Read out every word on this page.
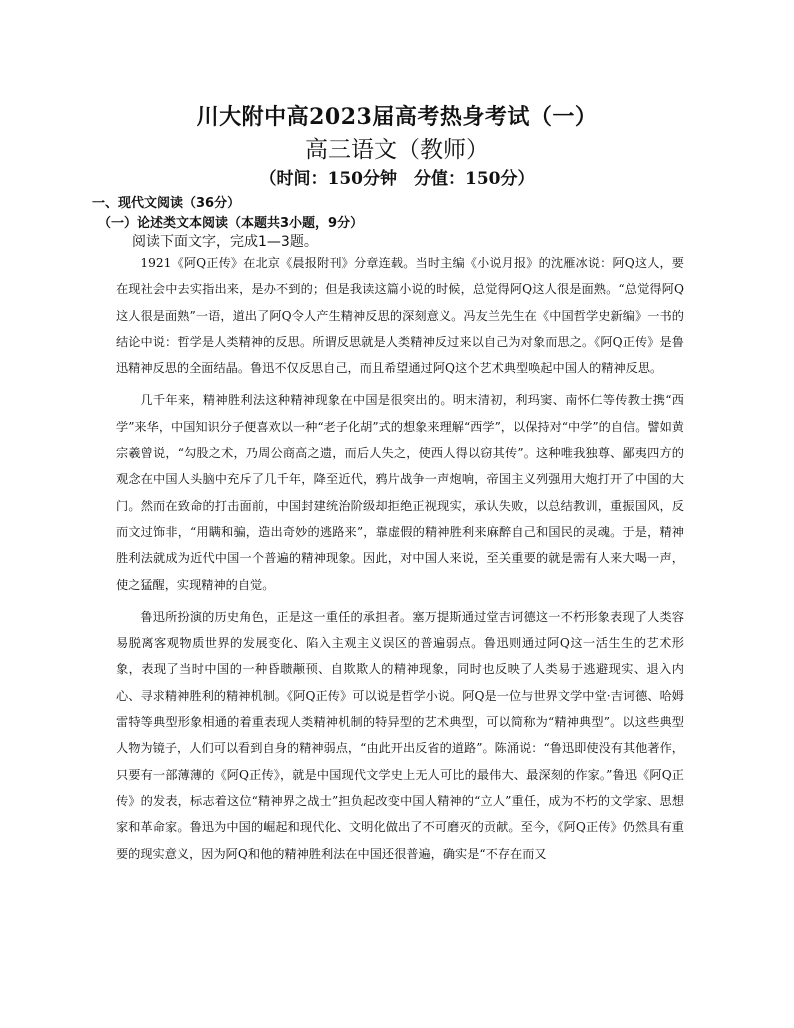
川大附中高2023届高考热身考试（一）
高三语文（教师）
（时间：150分钟　分值：150分）
一、现代文阅读（36分）
（一）论述类文本阅读（本题共3小题，9分）
阅读下面文字，完成1—3题。

1921《阿Q正传》在北京《晨报附刊》分章连载。当时主编《小说月报》的沈雁冰说：阿Q这人，要在现社会中去实指出来，是办不到的；但是我读这篇小说的时候，总觉得阿Q这人很是面熟。“总觉得阿Q这人很是面熟”一语，道出了阿Q令人产生精神反思的深刻意义。冯友兰先生在《中国哲学史新编》一书的结论中说：哲学是人类精神的反思。所谓反思就是人类精神反过来以自己为对象而思之。《阿Q正传》是鲁迅精神反思的全面结晶。鲁迅不仅反思自己，而且希望通过阿Q这个艺术典型唤起中国人的精神反思。

几千年来，精神胜利法这种精神现象在中国是很突出的。明末清初，利玛窦、南怀仁等传教士携“西学”来华，中国知识分子便喜欢以一种“老子化胡”式的想象来理解“西学”，以保持对“中学”的自信。譬如黄宗羲曾说，“勾股之术，乃周公商高之遗，而后人失之，使西人得以窃其传”。这种唯我独尊、鄙夷四方的观念在中国人头脑中充斥了几千年，降至近代，鸦片战争一声炮响，帝国主义列强用大炮打开了中国的大门。然而在致命的打击面前，中国封建统治阶级却拒绝正视现实，承认失败，以总结教训，重振国风，反而文过饰非，“用瞒和骗，造出奇妙的逃路来”，靠虚假的精神胜利来麻醉自己和国民的灵魂。于是，精神胜利法就成为近代中国一个普遍的精神现象。因此，对中国人来说，至关重要的就是需有人来大喝一声，使之猛醒，实现精神的自觉。

鲁迅所扮演的历史角色，正是这一重任的承担者。塞万提斯通过堂吉诃德这一不朽形象表现了人类容易脱离客观物质世界的发展变化、陷入主观主义误区的普遍弱点。鲁迅则通过阿Q这一活生生的艺术形象，表现了当时中国的一种昏聩颟顸、自欺欺人的精神现象，同时也反映了人类易于逃避现实、退入内心、寻求精神胜利的精神机制。《阿Q正传》可以说是哲学小说。阿Q是一位与世界文学中堂·吉诃德、哈姆雷特等典型形象相通的着重表现人类精神机制的特异型的艺术典型，可以简称为“精神典型”。以这些典型人物为镜子，人们可以看到自身的精神弱点，“由此开出反省的道路”。陈涌说：“鲁迅即使没有其他著作，只要有一部薄薄的《阿Q正传》，就是中国现代文学史上无人可比的最伟大、最深刻的作家。”鲁迅《阿Q正传》的发表，标志着这位“精神界之战士”担负起改变中国人精神的“立人”重任，成为不朽的文学家、思想家和革命家。鲁迅为中国的崛起和现代化、文明化做出了不可磨灭的贡献。至今，《阿Q正传》仍然具有重要的现实意义，因为阿Q和他的精神胜利法在中国还很普遍，确实是“不存在而又
